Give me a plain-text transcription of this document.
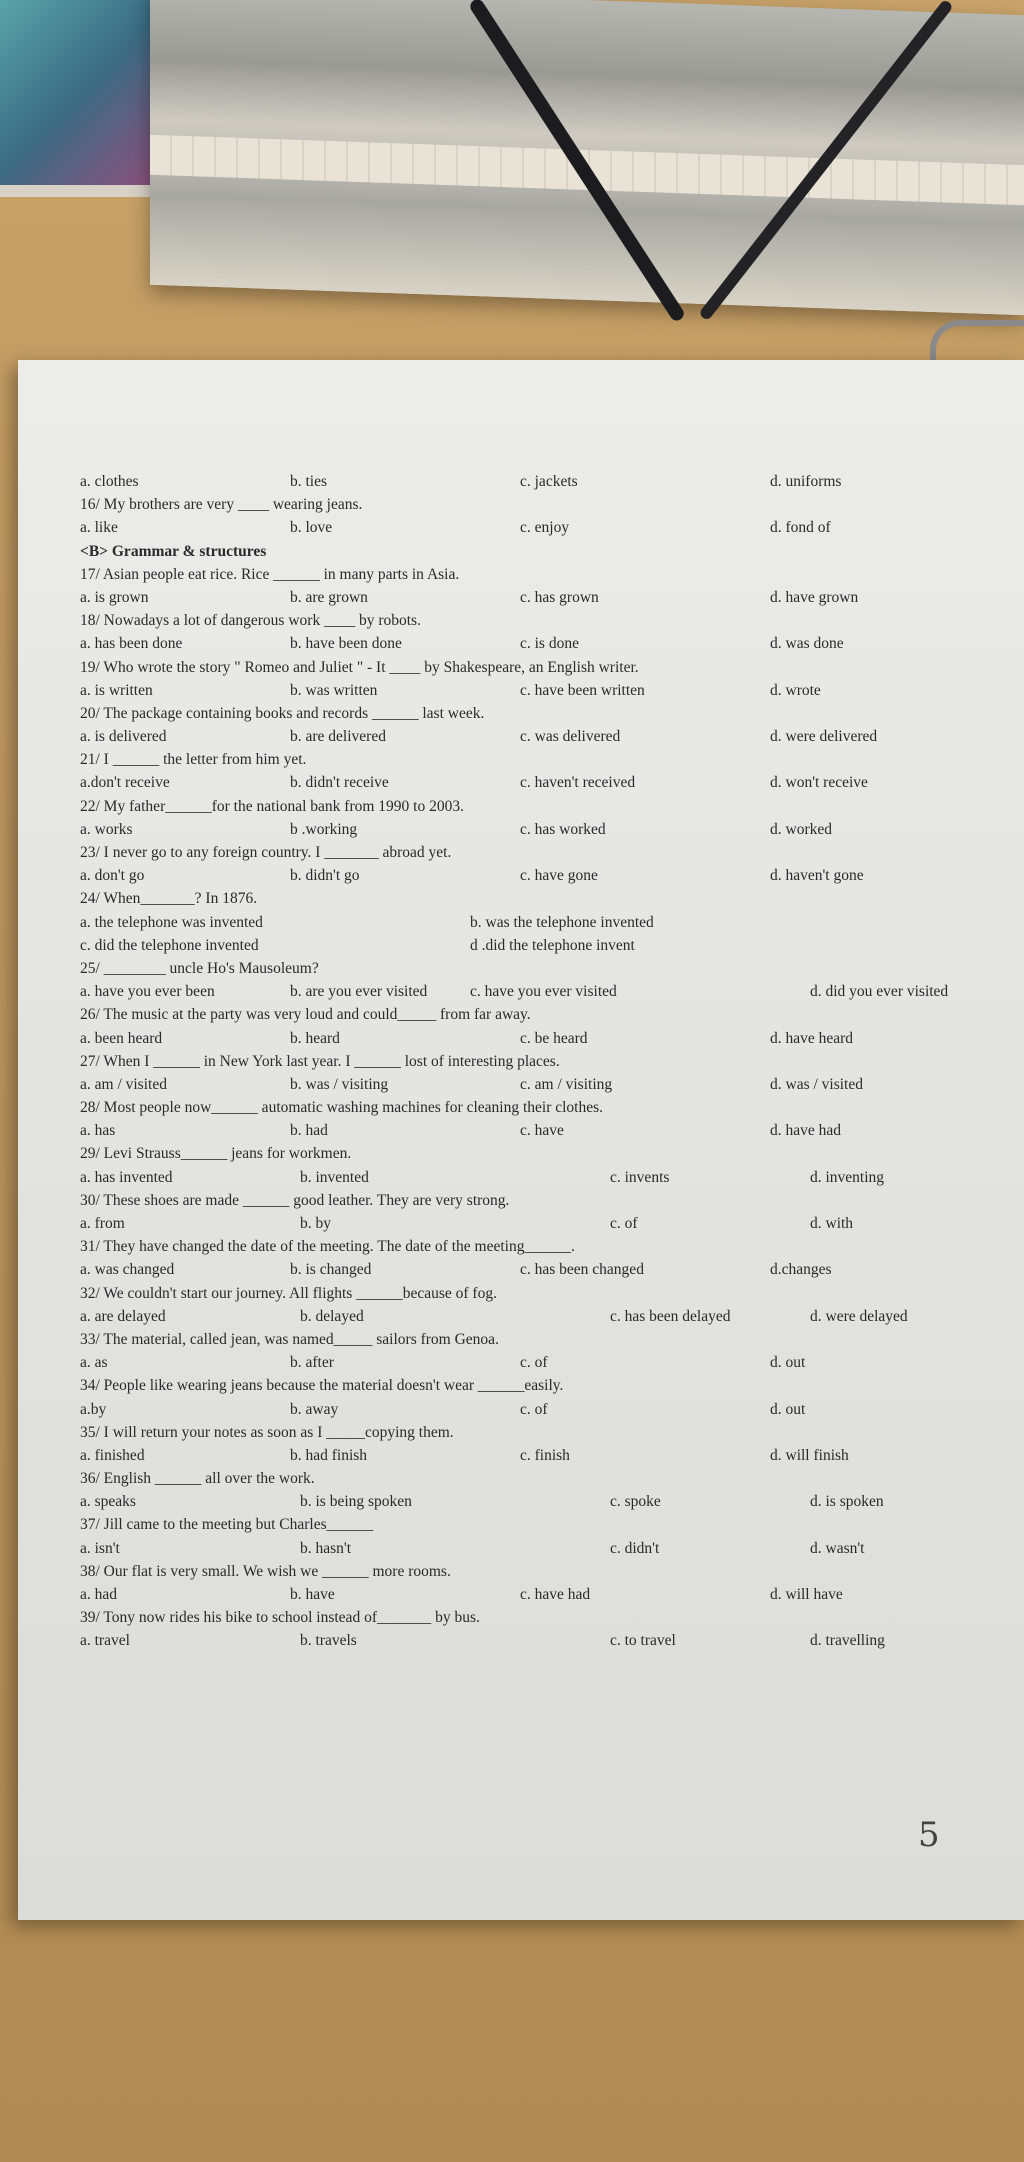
a. clothes	b. ties	c. jackets	d. uniforms
16/ My brothers are very ____ wearing jeans.
a. like	b. love	c. enjoy	d. fond of
<B> Grammar & structures
17/ Asian people eat rice. Rice ______ in many parts in Asia.
a. is grown	b. are grown	c. has grown	d. have grown
18/ Nowadays a lot of dangerous work ____ by robots.
a. has been done	b. have been done	c. is done	d. was done
19/ Who wrote the story " Romeo and Juliet " - It ____ by Shakespeare, an English writer.
a. is written	b. was written	c. have been written	d. wrote
20/ The package containing books and records ______ last week.
a. is delivered	b. are delivered	c. was delivered	d. were delivered
21/ I ______ the letter from him yet.
a.don't receive	b. didn't receive	c. haven't received	d. won't receive
22/ My father______for the national bank from 1990 to 2003.
a. works	b .working	c. has worked	d. worked
23/ I never go to any foreign country. I _______ abroad yet.
a. don't go	b. didn't go	c. have gone	d. haven't gone
24/ When_______? In 1876.
a. the telephone was invented	b. was the telephone invented
c. did the telephone invented	d .did the telephone invent
25/ ________ uncle Ho's Mausoleum?
a. have you ever been	b. are you ever visited	c. have you ever visited	d. did you ever visited
26/ The music at the party was very loud and could_____ from far away.
a. been heard	b. heard	c. be heard	d. have heard
27/ When I ______ in New York last year. I ______ lost of interesting places.
a. am / visited	b. was / visiting	c. am / visiting	d. was / visited
28/ Most people now______ automatic washing machines for cleaning their clothes.
a. has	b. had	c. have	d. have had
29/ Levi Strauss______ jeans for workmen.
a. has invented	b. invented	c. invents	d. inventing
30/ These shoes are made ______ good leather. They are very strong.
a. from	b. by	c. of	d. with
31/ They have changed the date of the meeting. The date of the meeting______.
a. was changed	b. is changed	c. has been changed	d.changes
32/ We couldn't start our journey. All flights ______because of fog.
a. are delayed	b. delayed	c. has been delayed	d. were delayed
33/ The material, called jean, was named_____ sailors from Genoa.
a. as	b. after	c. of	d. out
34/ People like wearing jeans because the material doesn't wear ______easily.
a.by	b. away	c. of	d. out
35/ I will return your notes as soon as I _____copying them.
a. finished	b. had finish	c. finish	d. will finish
36/ English ______ all over the work.
a. speaks	b. is being spoken	c. spoke	d. is spoken
37/ Jill came to the meeting but Charles______
a. isn't	b. hasn't	c. didn't	d. wasn't
38/ Our flat is very small. We wish we ______ more rooms.
a. had	b. have	c. have had	d. will have
39/ Tony now rides his bike to school instead of_______ by bus.
a. travel	b. travels	c. to travel	d. travelling
5
